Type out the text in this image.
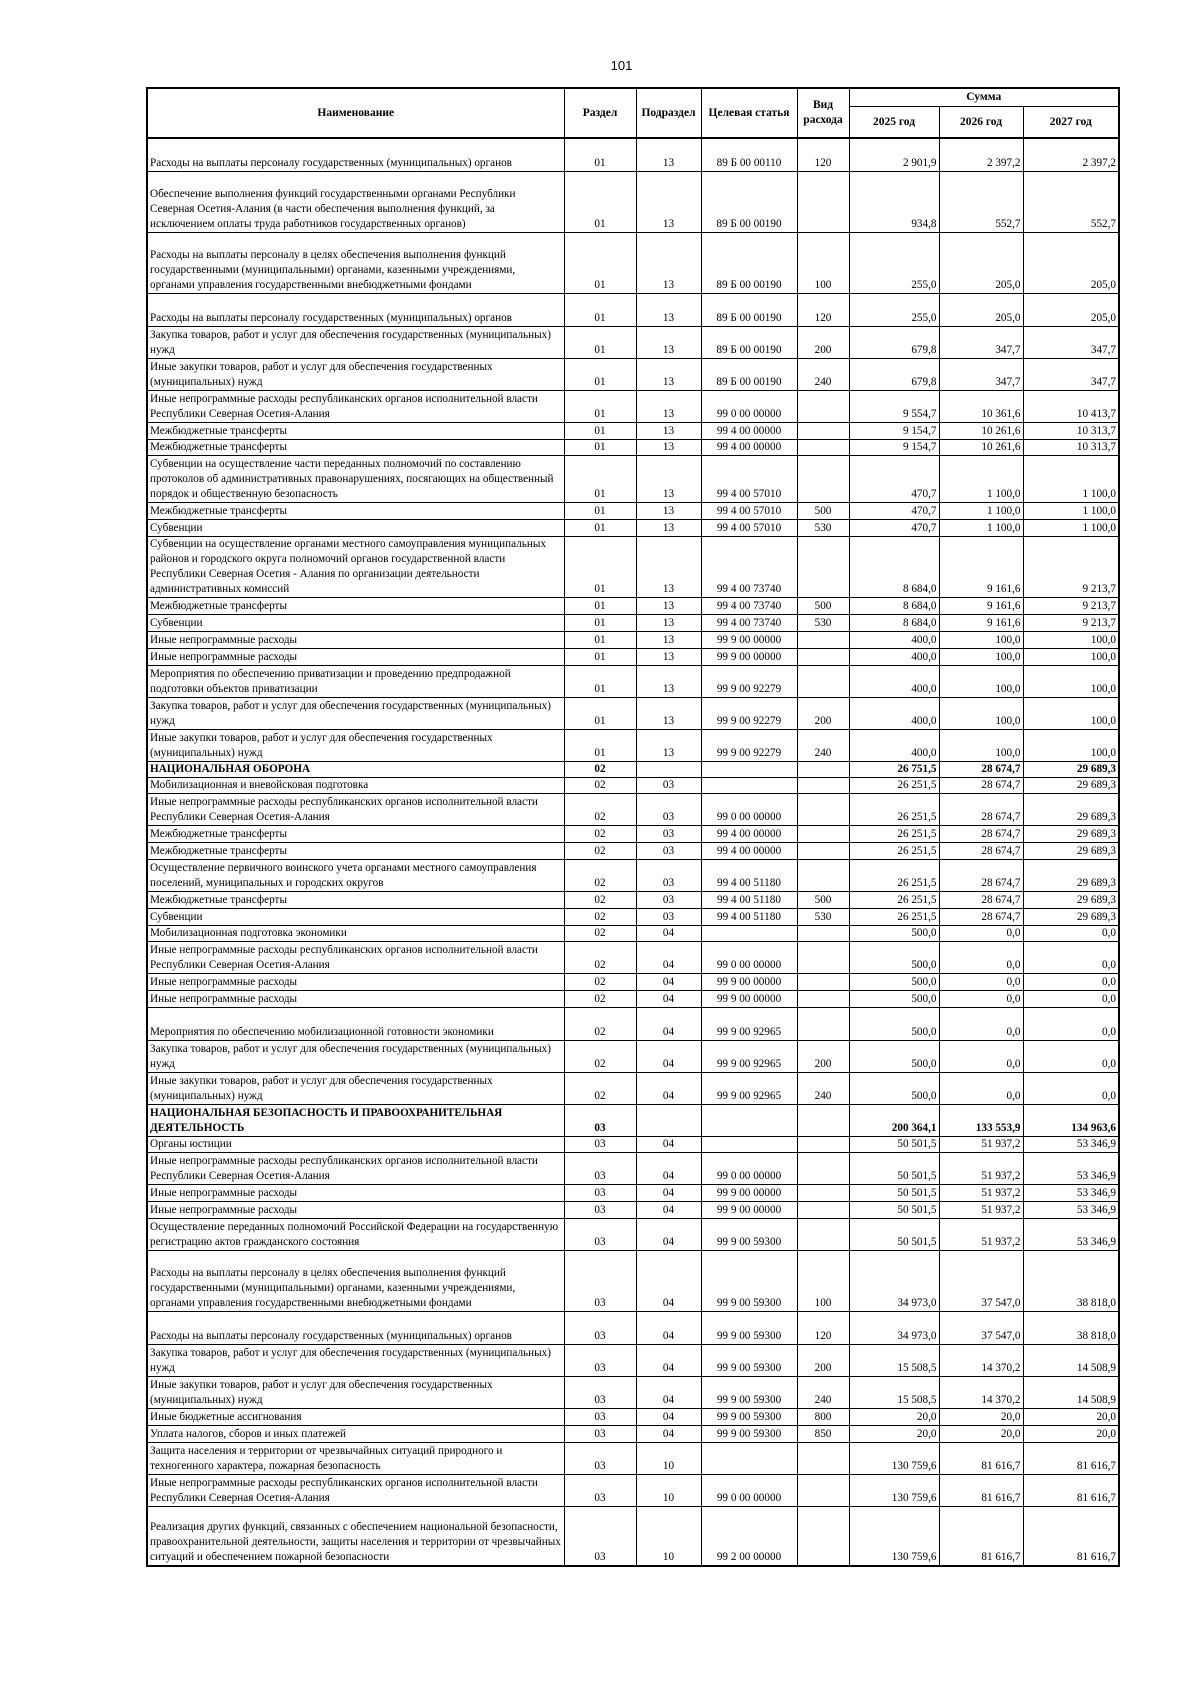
101
Наименование	Раздел	Подраздел	Целевая статья	Вид расхода	Сумма		
					2025 год	2026 год	2027 год
Расходы на выплаты персоналу государственных (муниципальных) органов	01	13	89 Б 00 00110	120	2 901,9	2 397,2	2 397,2
Обеспечение выполнения функций государственными органами Республики Северная Осетия-Алания (в части обеспечения выполнения функций, за исключением оплаты труда работников государственных органов)	01	13	89 Б 00 00190		934,8	552,7	552,7
Расходы на выплаты персоналу в целях обеспечения выполнения функций государственными (муниципальными) органами, казенными учреждениями, органами управления государственными внебюджетными фондами	01	13	89 Б 00 00190	100	255,0	205,0	205,0
Расходы на выплаты персоналу государственных (муниципальных) органов	01	13	89 Б 00 00190	120	255,0	205,0	205,0
Закупка товаров, работ и услуг для обеспечения государственных (муниципальных) нужд	01	13	89 Б 00 00190	200	679,8	347,7	347,7
Иные закупки товаров, работ и услуг для обеспечения государственных (муниципальных) нужд	01	13	89 Б 00 00190	240	679,8	347,7	347,7
Иные непрограммные расходы республиканских органов исполнительной власти Республики Северная Осетия-Алания	01	13	99 0 00 00000		9 554,7	10 361,6	10 413,7
Межбюджетные трансферты	01	13	99 4 00 00000		9 154,7	10 261,6	10 313,7
Межбюджетные трансферты	01	13	99 4 00 00000		9 154,7	10 261,6	10 313,7
Субвенции на осуществление части переданных полномочий по составлению протоколов об административных правонарушениях, посягающих на общественный порядок и общественную безопасность	01	13	99 4 00 57010		470,7	1 100,0	1 100,0
Межбюджетные трансферты	01	13	99 4 00 57010	500	470,7	1 100,0	1 100,0
Субвенции	01	13	99 4 00 57010	530	470,7	1 100,0	1 100,0
Субвенции на осуществление органами местного самоуправления муниципальных районов и городского округа полномочий органов государственной власти Республики Северная Осетия - Алания по организации деятельности административных комиссий	01	13	99 4 00 73740		8 684,0	9 161,6	9 213,7
Межбюджетные трансферты	01	13	99 4 00 73740	500	8 684,0	9 161,6	9 213,7
Субвенции	01	13	99 4 00 73740	530	8 684,0	9 161,6	9 213,7
Иные непрограммные расходы	01	13	99 9 00 00000		400,0	100,0	100,0
Иные непрограммные расходы	01	13	99 9 00 00000		400,0	100,0	100,0
Мероприятия по обеспечению приватизации и проведению предпродажной подготовки объектов приватизации	01	13	99 9 00 92279		400,0	100,0	100,0
Закупка товаров, работ и услуг для обеспечения государственных (муниципальных) нужд	01	13	99 9 00 92279	200	400,0	100,0	100,0
Иные закупки товаров, работ и услуг для обеспечения государственных (муниципальных) нужд	01	13	99 9 00 92279	240	400,0	100,0	100,0
НАЦИОНАЛЬНАЯ ОБОРОНА	02				26 751,5	28 674,7	29 689,3
Мобилизационная и вневойсковая подготовка	02	03			26 251,5	28 674,7	29 689,3
Иные непрограммные расходы республиканских органов исполнительной власти Республики Северная Осетия-Алания	02	03	99 0 00 00000		26 251,5	28 674,7	29 689,3
Межбюджетные трансферты	02	03	99 4 00 00000		26 251,5	28 674,7	29 689,3
Межбюджетные трансферты	02	03	99 4 00 00000		26 251,5	28 674,7	29 689,3
Осуществление первичного воинского учета органами местного самоуправления поселений, муниципальных и городских округов	02	03	99 4 00 51180		26 251,5	28 674,7	29 689,3
Межбюджетные трансферты	02	03	99 4 00 51180	500	26 251,5	28 674,7	29 689,3
Субвенции	02	03	99 4 00 51180	530	26 251,5	28 674,7	29 689,3
Мобилизационная подготовка экономики	02	04			500,0	0,0	0,0
Иные непрограммные расходы республиканских органов исполнительной власти Республики Северная Осетия-Алания	02	04	99 0 00 00000		500,0	0,0	0,0
Иные непрограммные расходы	02	04	99 9 00 00000		500,0	0,0	0,0
Иные непрограммные расходы	02	04	99 9 00 00000		500,0	0,0	0,0
Мероприятия по обеспечению мобилизационной готовности экономики	02	04	99 9 00 92965		500,0	0,0	0,0
Закупка товаров, работ и услуг для обеспечения государственных (муниципальных) нужд	02	04	99 9 00 92965	200	500,0	0,0	0,0
Иные закупки товаров, работ и услуг для обеспечения государственных (муниципальных) нужд	02	04	99 9 00 92965	240	500,0	0,0	0,0
НАЦИОНАЛЬНАЯ БЕЗОПАСНОСТЬ И ПРАВООХРАНИТЕЛЬНАЯ ДЕЯТЕЛЬНОСТЬ	03				200 364,1	133 553,9	134 963,6
Органы юстиции	03	04			50 501,5	51 937,2	53 346,9
Иные непрограммные расходы республиканских органов исполнительной власти Республики Северная Осетия-Алания	03	04	99 0 00 00000		50 501,5	51 937,2	53 346,9
Иные непрограммные расходы	03	04	99 9 00 00000		50 501,5	51 937,2	53 346,9
Иные непрограммные расходы	03	04	99 9 00 00000		50 501,5	51 937,2	53 346,9
Осуществление переданных полномочий Российской Федерации на государственную регистрацию актов гражданского состояния	03	04	99 9 00 59300		50 501,5	51 937,2	53 346,9
Расходы на выплаты персоналу в целях обеспечения выполнения функций государственными (муниципальными) органами, казенными учреждениями, органами управления государственными внебюджетными фондами	03	04	99 9 00 59300	100	34 973,0	37 547,0	38 818,0
Расходы на выплаты персоналу государственных (муниципальных) органов	03	04	99 9 00 59300	120	34 973,0	37 547,0	38 818,0
Закупка товаров, работ и услуг для обеспечения государственных (муниципальных) нужд	03	04	99 9 00 59300	200	15 508,5	14 370,2	14 508,9
Иные закупки товаров, работ и услуг для обеспечения государственных (муниципальных) нужд	03	04	99 9 00 59300	240	15 508,5	14 370,2	14 508,9
Иные бюджетные ассигнования	03	04	99 9 00 59300	800	20,0	20,0	20,0
Уплата налогов, сборов и иных платежей	03	04	99 9 00 59300	850	20,0	20,0	20,0
Защита населения и территории от чрезвычайных ситуаций природного и техногенного характера, пожарная безопасность	03	10			130 759,6	81 616,7	81 616,7
Иные непрограммные расходы республиканских органов исполнительной власти Республики Северная Осетия-Алания	03	10	99 0 00 00000		130 759,6	81 616,7	81 616,7
Реализация других функций, связанных с обеспечением национальной безопасности, правоохранительной деятельности, защиты населения и территории от чрезвычайных ситуаций и обеспечением пожарной безопасности	03	10	99 2 00 00000		130 759,6	81 616,7	81 616,7
